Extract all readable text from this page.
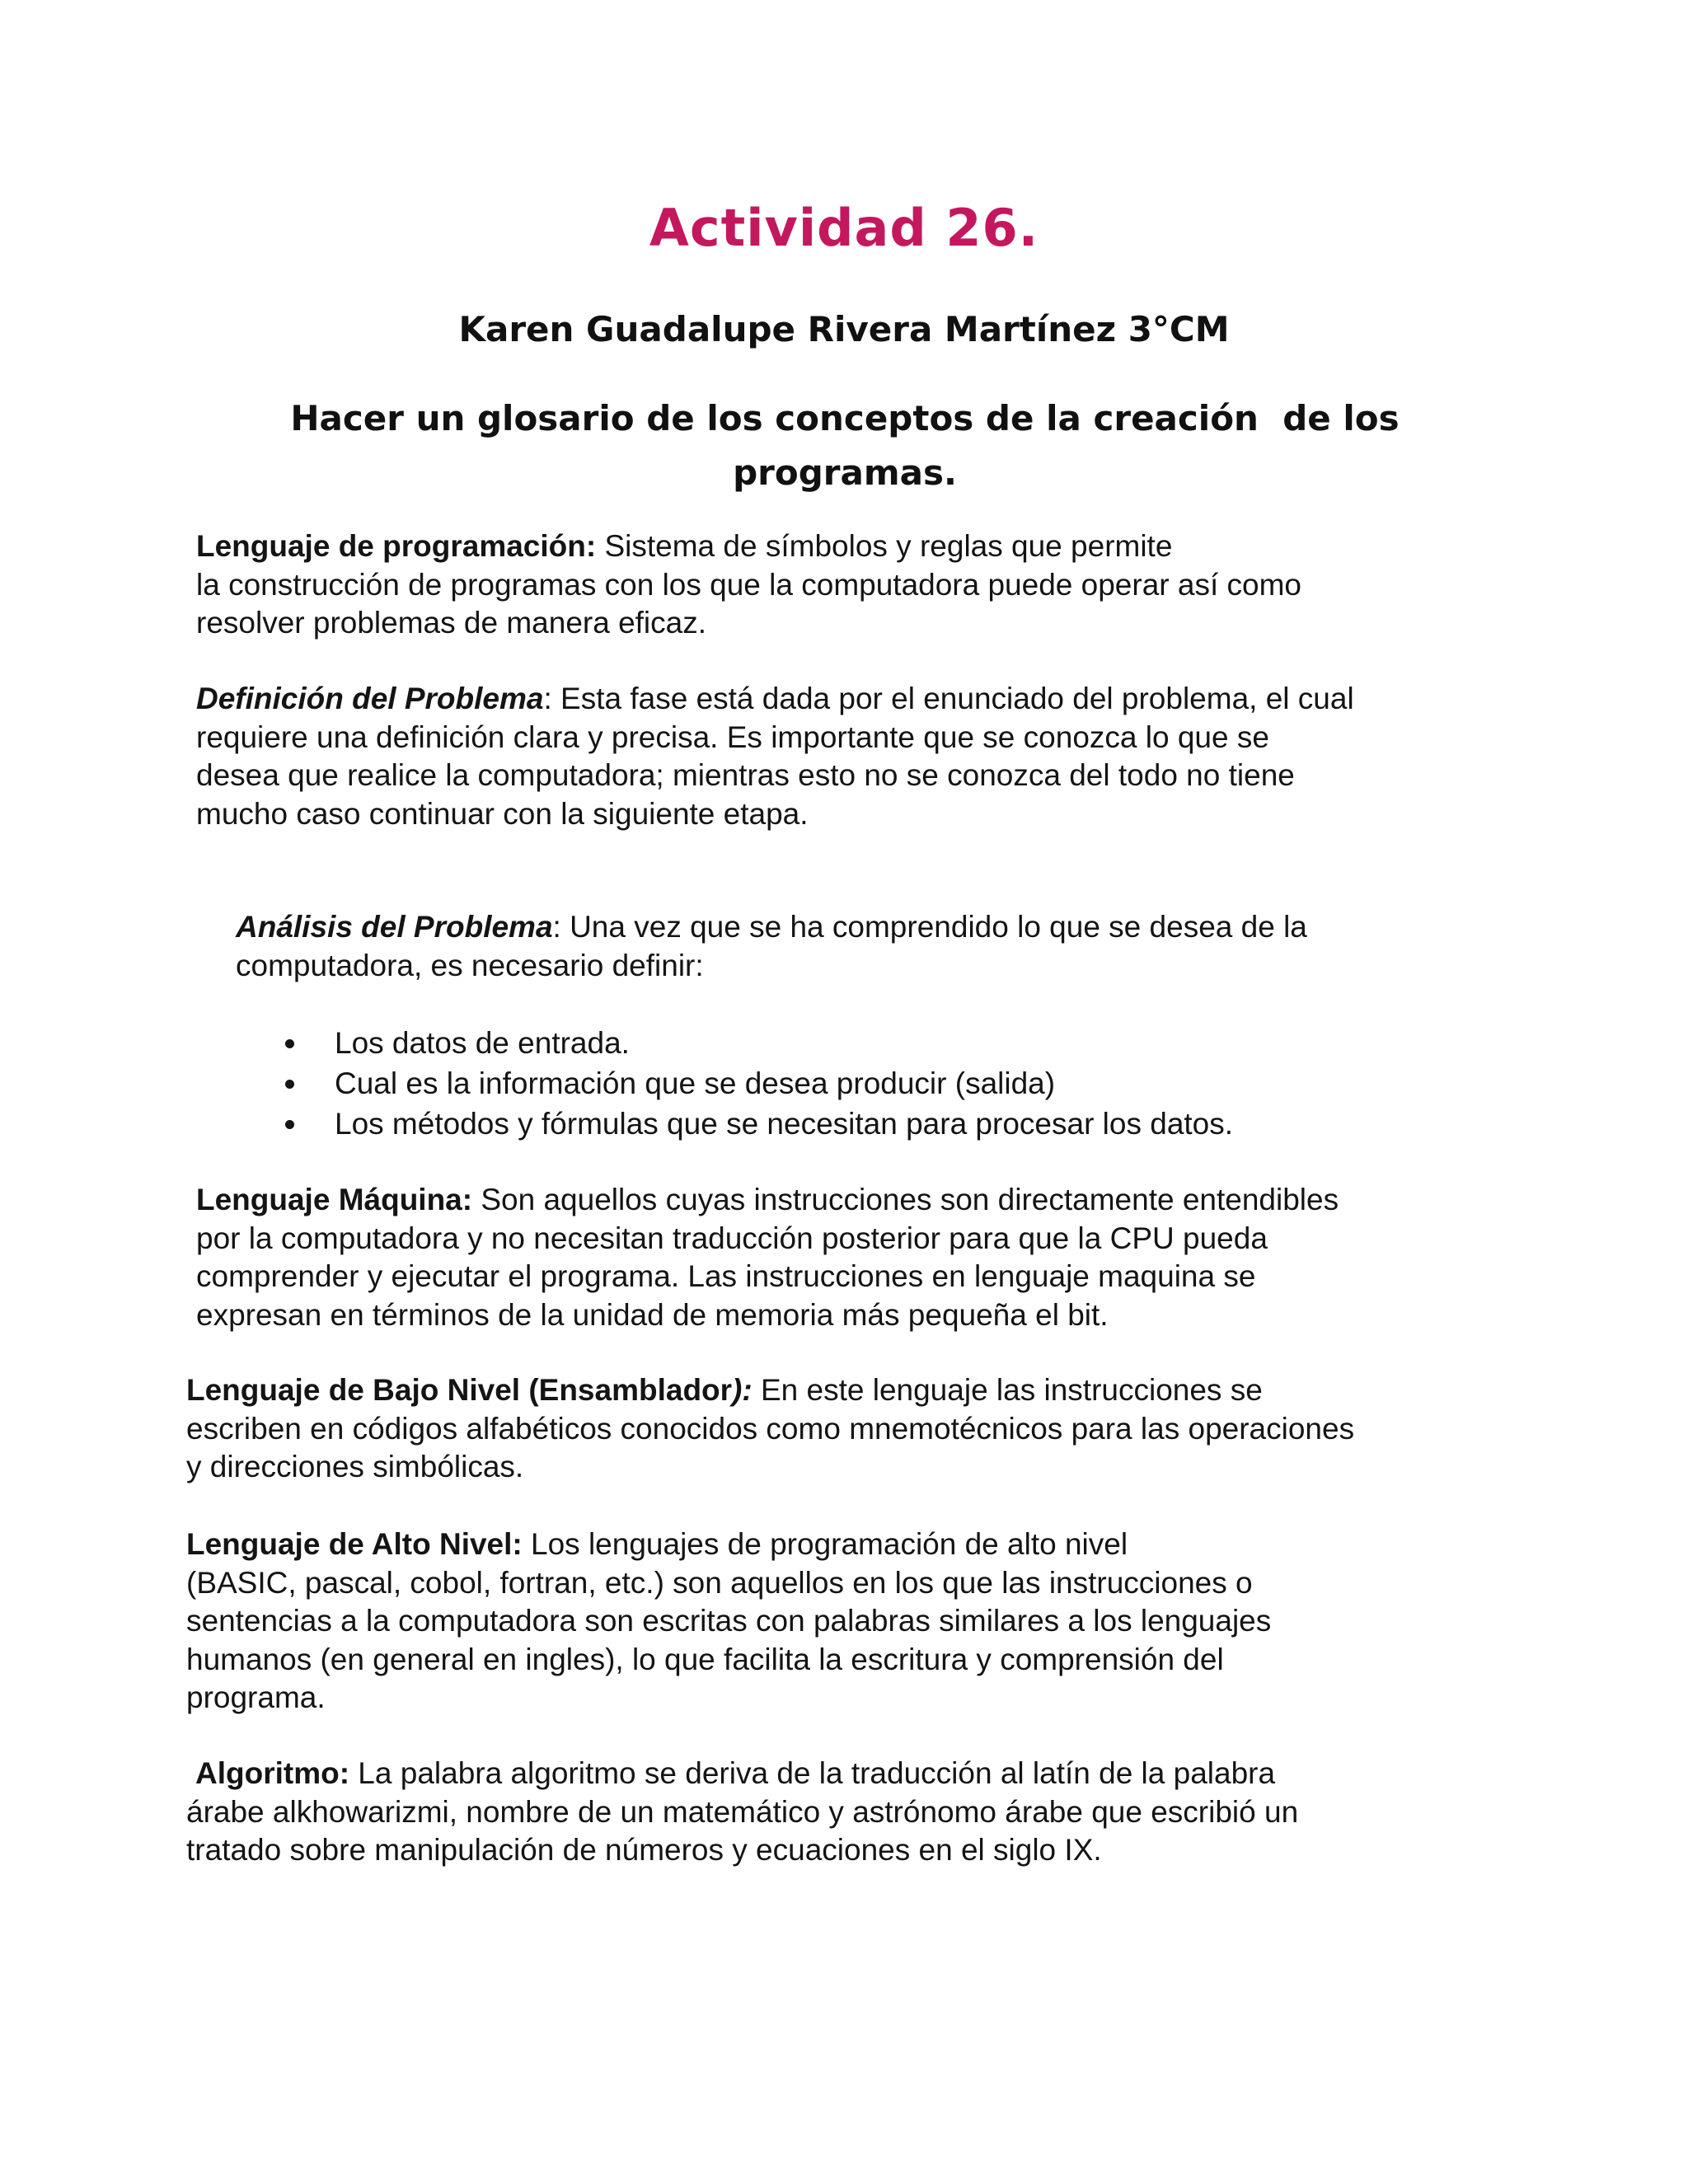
Actividad 26.
Karen Guadalupe Rivera Martínez 3°CM
Hacer un glosario de los conceptos de la creación  de los
programas.
Lenguaje de programación: Sistema de símbolos y reglas que permite
la construcción de programas con los que la computadora puede operar así como
resolver problemas de manera eficaz.
Definición del Problema: Esta fase está dada por el enunciado del problema, el cual
requiere una definición clara y precisa. Es importante que se conozca lo que se
desea que realice la computadora; mientras esto no se conozca del todo no tiene
mucho caso continuar con la siguiente etapa.
Análisis del Problema: Una vez que se ha comprendido lo que se desea de la
computadora, es necesario definir:
Los datos de entrada.
Cual es la información que se desea producir (salida)
Los métodos y fórmulas que se necesitan para procesar los datos.
Lenguaje Máquina: Son aquellos cuyas instrucciones son directamente entendibles
por la computadora y no necesitan traducción posterior para que la CPU pueda
comprender y ejecutar el programa. Las instrucciones en lenguaje maquina se
expresan en términos de la unidad de memoria más pequeña el bit.
Lenguaje de Bajo Nivel (Ensamblador): En este lenguaje las instrucciones se
escriben en códigos alfabéticos conocidos como mnemotécnicos para las operaciones
y direcciones simbólicas.
Lenguaje de Alto Nivel: Los lenguajes de programación de alto nivel
(BASIC, pascal, cobol, fortran, etc.) son aquellos en los que las instrucciones o
sentencias a la computadora son escritas con palabras similares a los lenguajes
humanos (en general en ingles), lo que facilita la escritura y comprensión del
programa.
Algoritmo: La palabra algoritmo se deriva de la traducción al latín de la palabra
árabe alkhowarizmi, nombre de un matemático y astrónomo árabe que escribió un
tratado sobre manipulación de números y ecuaciones en el siglo IX.
